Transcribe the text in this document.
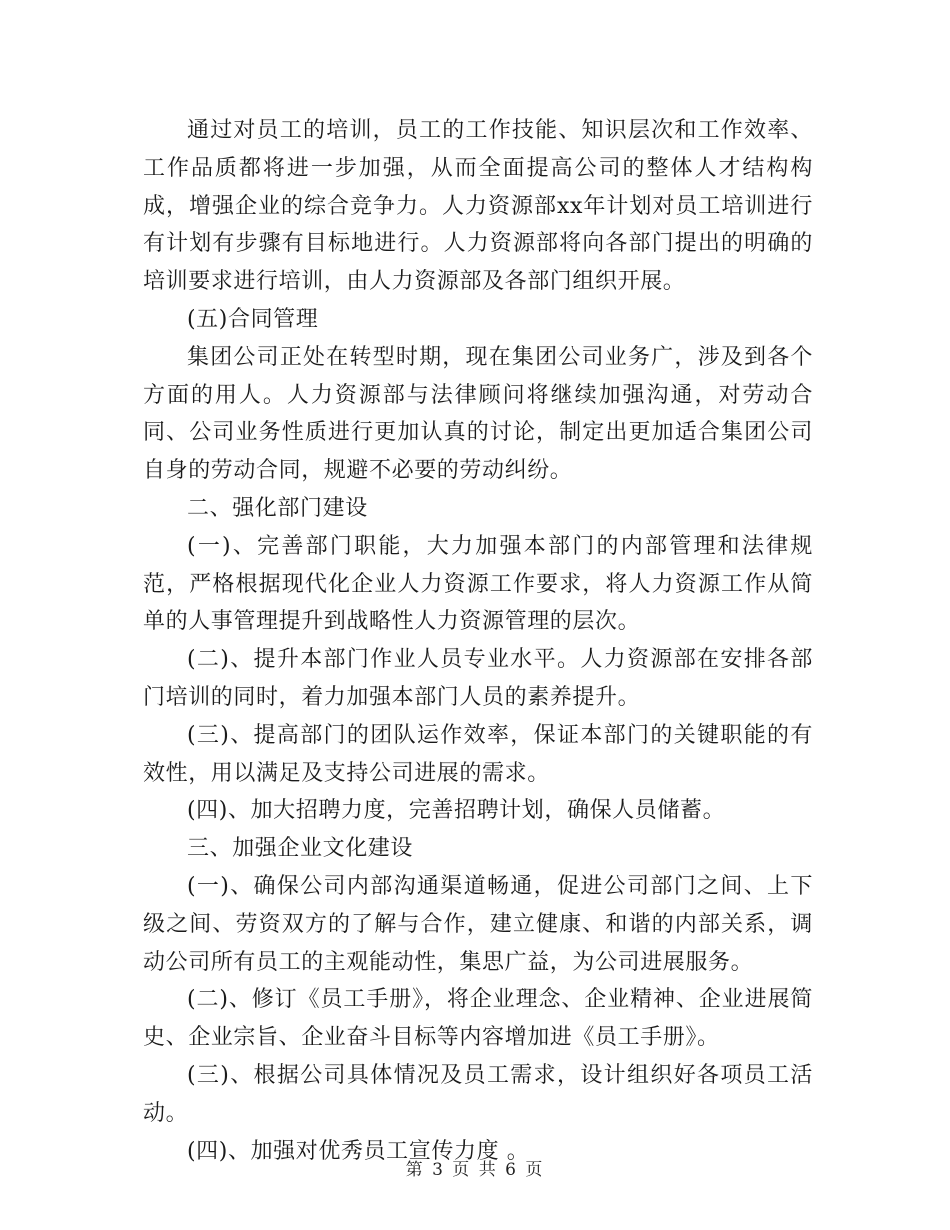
通过对员工的培训，员工的工作技能、知识层次和工作效率、工作品质都将进一步加强，从而全面提高公司的整体人才结构构成，增强企业的综合竞争力。人力资源部xx年计划对员工培训进行有计划有步骤有目标地进行。人力资源部将向各部门提出的明确的培训要求进行培训，由人力资源部及各部门组织开展。

(五)合同管理

集团公司正处在转型时期，现在集团公司业务广，涉及到各个方面的用人。人力资源部与法律顾问将继续加强沟通，对劳动合同、公司业务性质进行更加认真的讨论，制定出更加适合集团公司自身的劳动合同，规避不必要的劳动纠纷。

二、强化部门建设

(一)、完善部门职能，大力加强本部门的内部管理和法律规范，严格根据现代化企业人力资源工作要求，将人力资源工作从简单的人事管理提升到战略性人力资源管理的层次。

(二)、提升本部门作业人员专业水平。人力资源部在安排各部门培训的同时，着力加强本部门人员的素养提升。

(三)、提高部门的团队运作效率，保证本部门的关键职能的有效性，用以满足及支持公司进展的需求。

(四)、加大招聘力度，完善招聘计划，确保人员储蓄。

三、加强企业文化建设

(一)、确保公司内部沟通渠道畅通，促进公司部门之间、上下级之间、劳资双方的了解与合作，建立健康、和谐的内部关系，调动公司所有员工的主观能动性，集思广益，为公司进展服务。

(二)、修订《员工手册》，将企业理念、企业精神、企业进展简史、企业宗旨、企业奋斗目标等内容增加进《员工手册》。

(三)、根据公司具体情况及员工需求，设计组织好各项员工活动。

(四)、加强对优秀员工宣传力度 。

第 3 页 共 6 页
